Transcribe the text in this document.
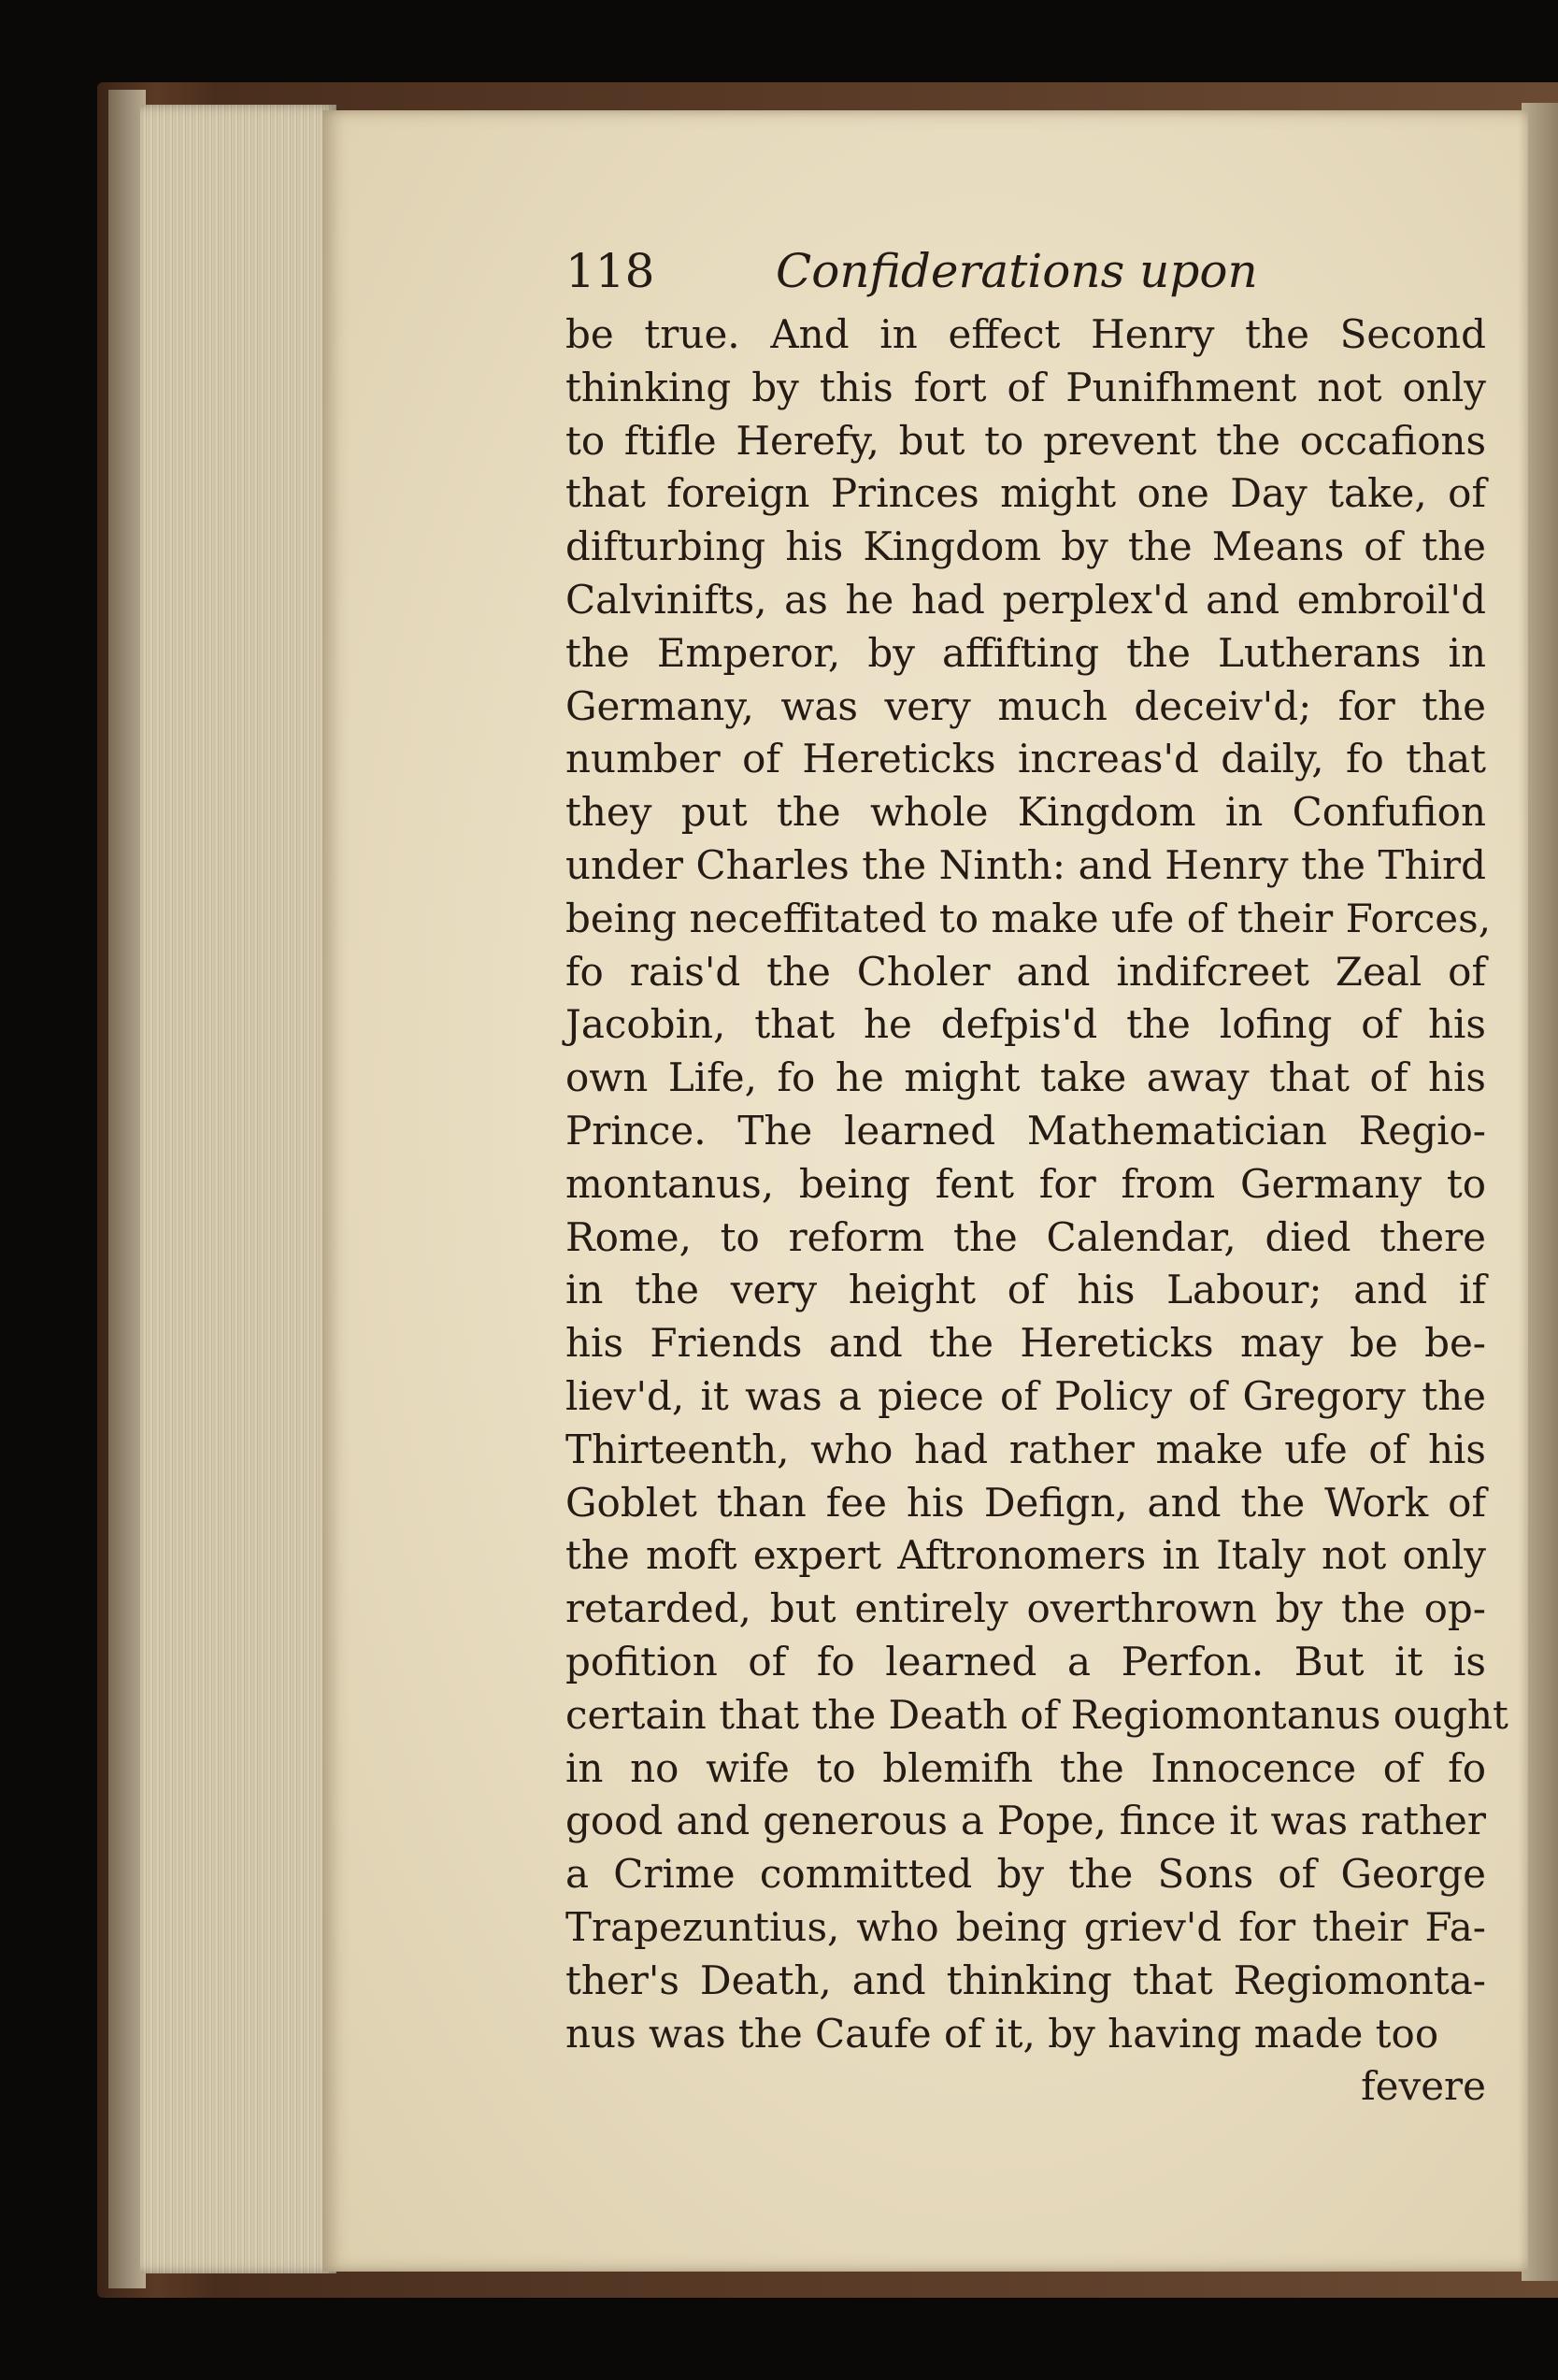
118	Confiderations upon
be true. And in effect Henry the Second
thinking by this fort of Punifhment not only
to ftifle Herefy, but to prevent the occafions
that foreign Princes might one Day take, of
difturbing his Kingdom by the Means of the
Calvinifts, as he had perplex'd and embroil'd
the Emperor, by affifting the Lutherans in
Germany, was very much deceiv'd; for the
number of Hereticks increas'd daily, fo that
they put the whole Kingdom in Confufion
under Charles the Ninth: and Henry the Third
being neceffitated to make ufe of their Forces,
fo rais'd the Choler and indifcreet Zeal of
Jacobin, that he defpis'd the lofing of his
own Life, fo he might take away that of his
Prince. The learned Mathematician Regio-
montanus, being fent for from Germany to
Rome, to reform the Calendar, died there
in the very height of his Labour; and if
his Friends and the Hereticks may be be-
liev'd, it was a piece of Policy of Gregory the
Thirteenth, who had rather make ufe of his
Goblet than fee his Defign, and the Work of
the moft expert Aftronomers in Italy not only
retarded, but entirely overthrown by the op-
pofition of fo learned a Perfon. But it is
certain that the Death of Regiomontanus ought
in no wife to blemifh the Innocence of fo
good and generous a Pope, fince it was rather
a Crime committed by the Sons of George
Trapezuntius, who being griev'd for their Fa-
ther's Death, and thinking that Regiomonta-
nus was the Caufe of it, by having made too
fevere
